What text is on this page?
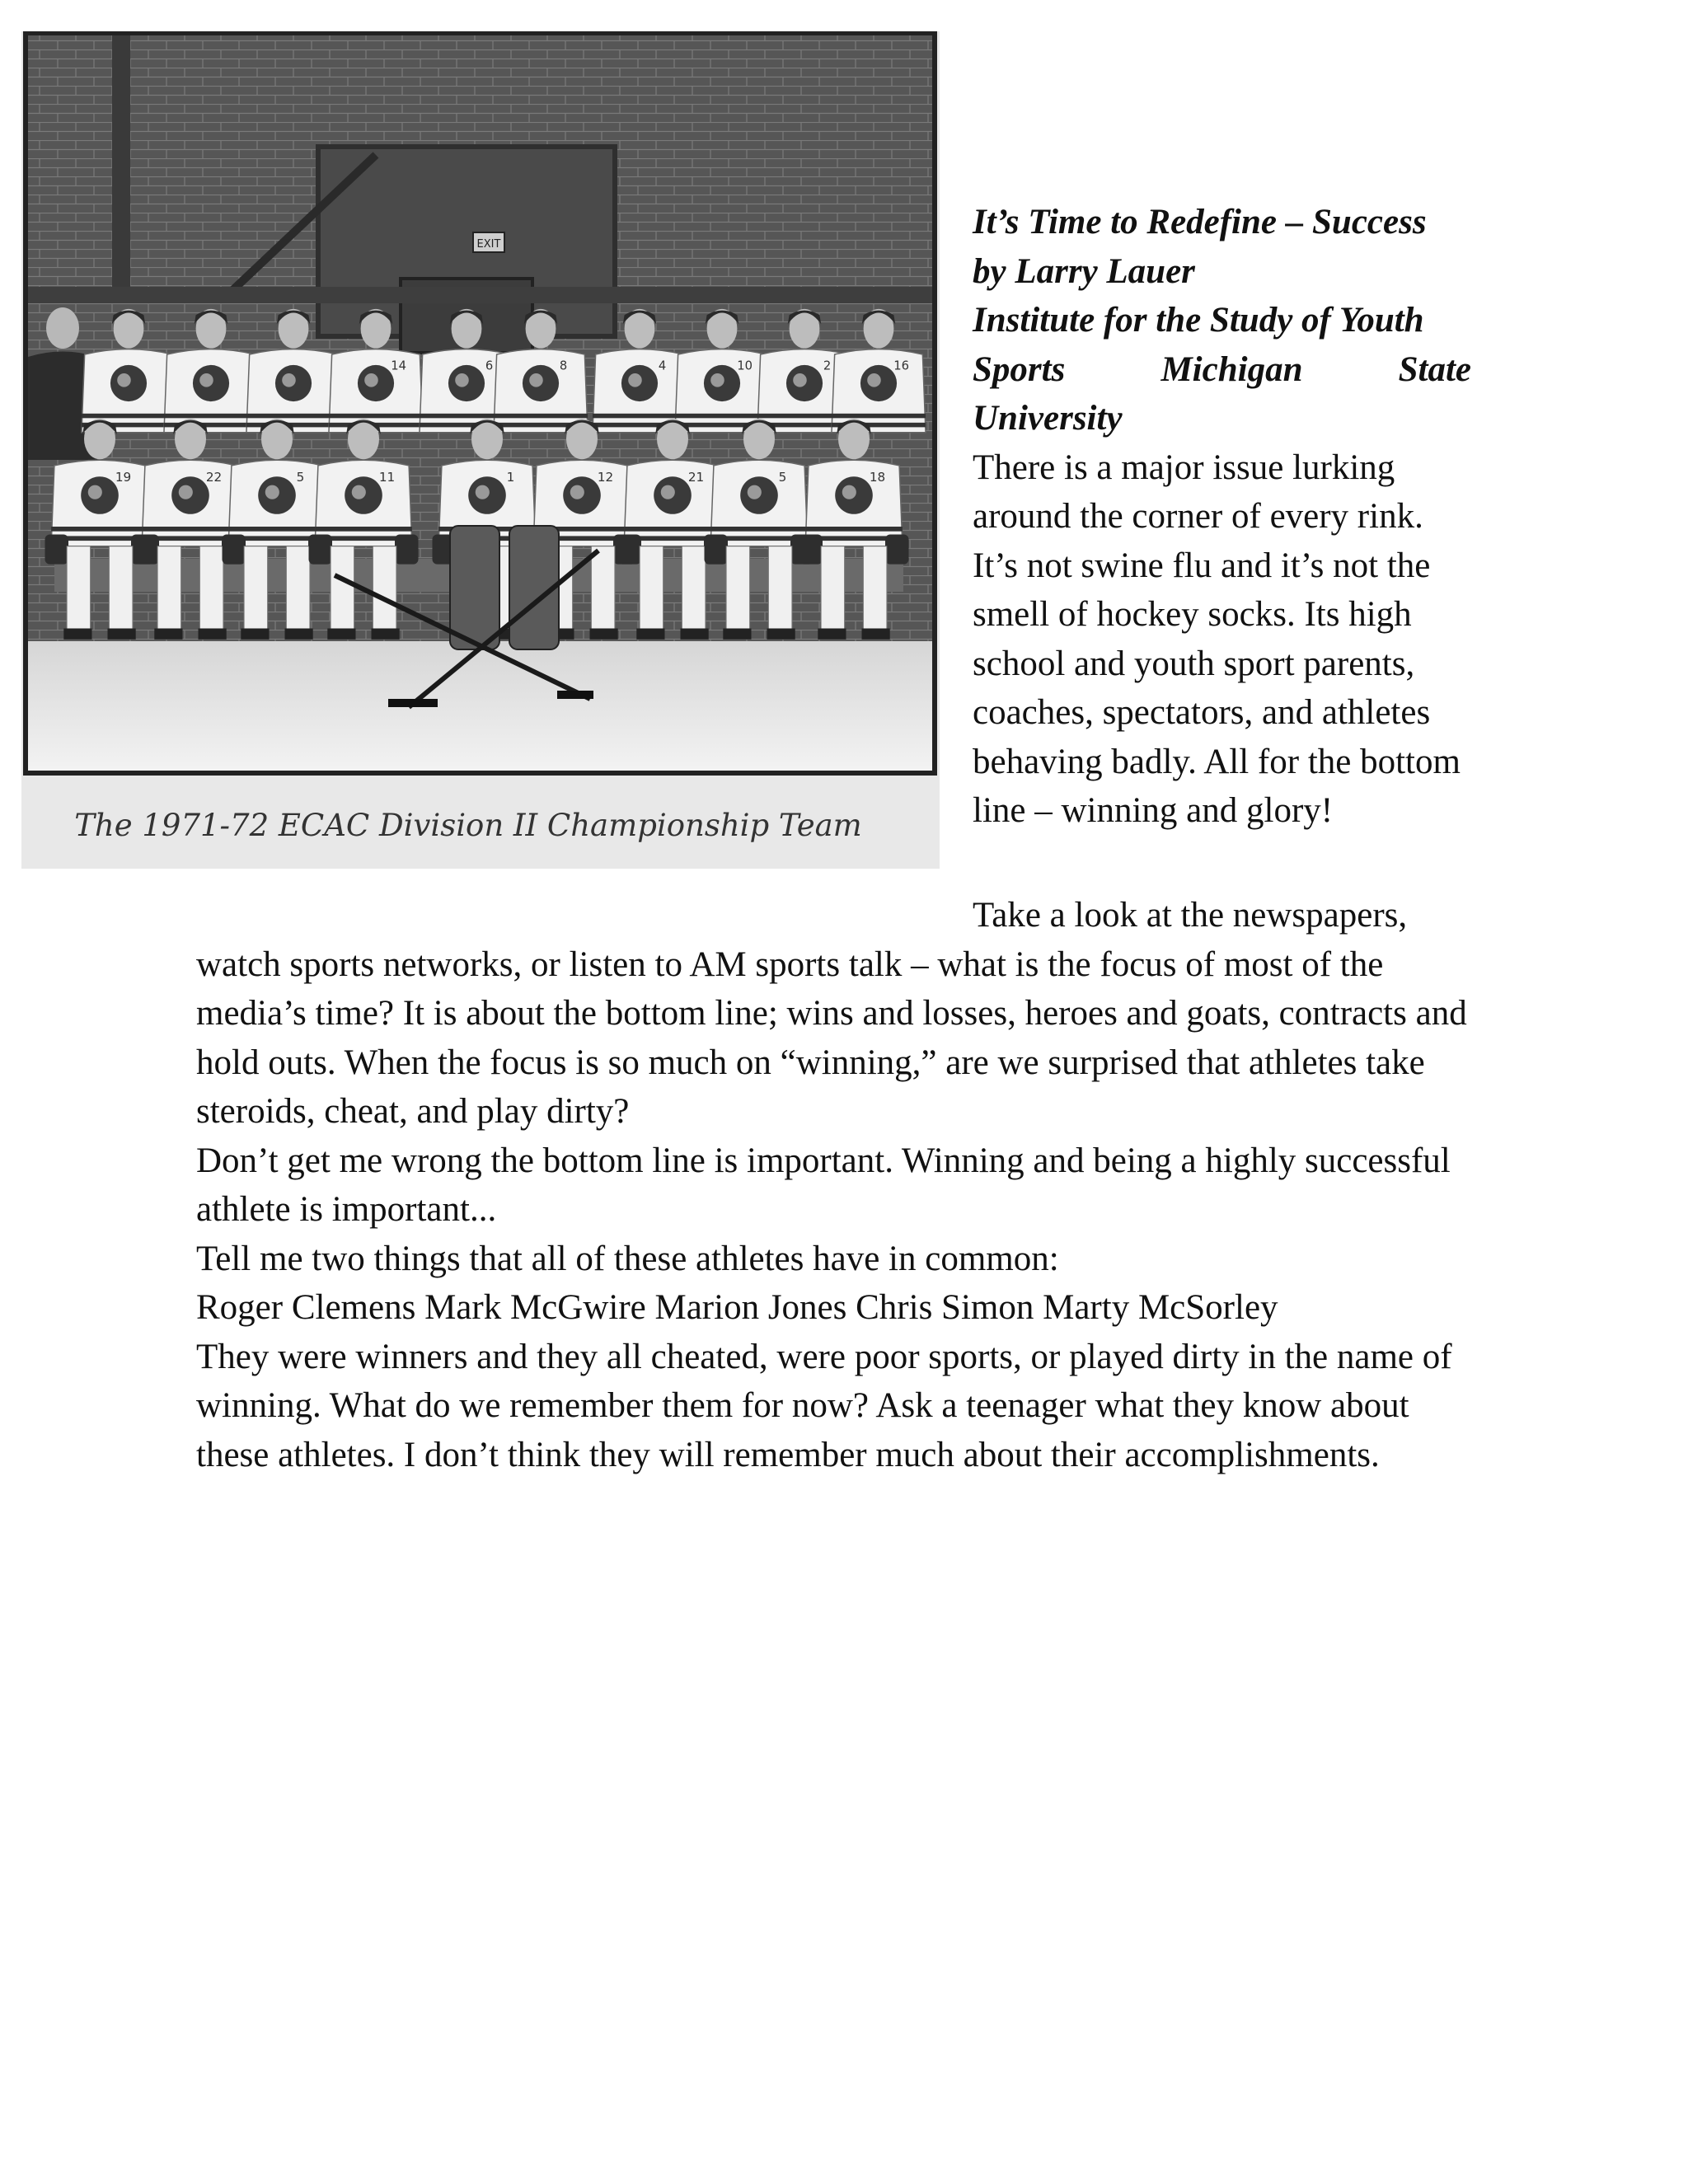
EXIT
14	6	8	4	10	2	16
19	22	5	11	1	12	21	5	18
The 1971-72 ECAC Division II Championship Team

It’s Time to Redefine – Success

by Larry Lauer

Institute for the Study of Youth

Sports Michigan State

University

There is a major issue lurking around the corner of every rink. It’s not swine flu and it’s not the smell of hockey socks. Its high school and youth sport parents, coaches, spectators, and athletes behaving badly. All for the bottom line – winning and glory!

Take a look at the newspapers, watch sports networks, or listen to AM sports talk – what is the focus of most of the media’s time? It is about the bottom line; wins and losses, heroes and goats, contracts and hold outs. When the focus is so much on “winning,” are we surprised that athletes take steroids, cheat, and play dirty?

Don’t get me wrong the bottom line is important. Winning and being a highly successful athlete is important...

Tell me two things that all of these athletes have in common:

Roger Clemens Mark McGwire Marion Jones Chris Simon Marty McSorley

They were winners and they all cheated, were poor sports, or played dirty in the name of winning. What do we remember them for now? Ask a teenager what they know about these athletes. I don’t think they will remember much about their accomplishments.
